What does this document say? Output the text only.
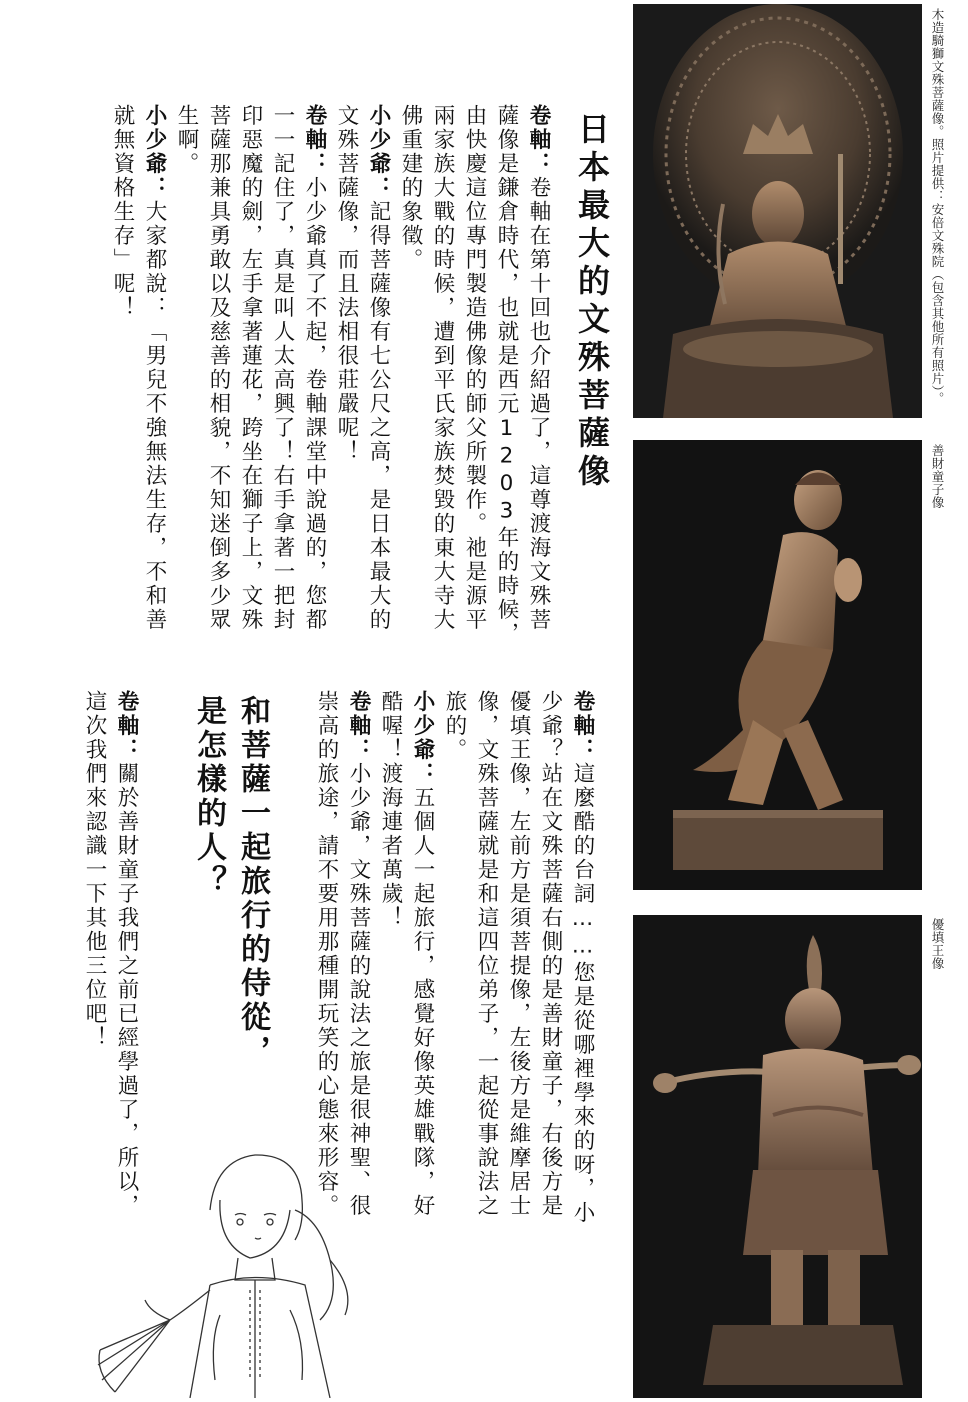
木造騎獅文殊菩薩像。照片提供：安倍文殊院（包含其他所有照片）。
善財童子像
優填王像
日本最大的文殊菩薩像
和菩薩一起旅行的侍從，
是怎樣的人？
卷軸：卷軸在第十回也介紹過了，這尊渡海文殊菩
薩像是鎌倉時代，也就是西元1203年的時候，
由快慶這位專門製造佛像的師父所製作。祂是源平
兩家族大戰的時候，遭到平氏家族焚毀的東大寺大
佛重建的象徵。
小少爺：記得菩薩像有七公尺之高，是日本最大的
文殊菩薩像，而且法相很莊嚴呢！
卷軸：小少爺真了不起，卷軸課堂中說過的，您都
一一記住了，真是叫人太高興了！右手拿著一把封
印惡魔的劍，左手拿著蓮花，跨坐在獅子上，文殊
菩薩那兼具勇敢以及慈善的相貌，不知迷倒多少眾
生啊。
小少爺：大家都說：「男兒不強無法生存，不和善
就無資格生存」呢！
卷軸：這麼酷的台詞……您是從哪裡學來的呀，小
少爺？站在文殊菩薩右側的是善財童子，右後方是
優填王像，左前方是須菩提像，左後方是維摩居士
像，文殊菩薩就是和這四位弟子，一起從事說法之
旅的。
小少爺：五個人一起旅行，感覺好像英雄戰隊，好
酷喔！渡海連者萬歲！
卷軸：小少爺，文殊菩薩的說法之旅是很神聖、很
崇高的旅途，請不要用那種開玩笑的心態來形容。
卷軸：關於善財童子我們之前已經學過了，所以，
這次我們來認識一下其他三位吧！
